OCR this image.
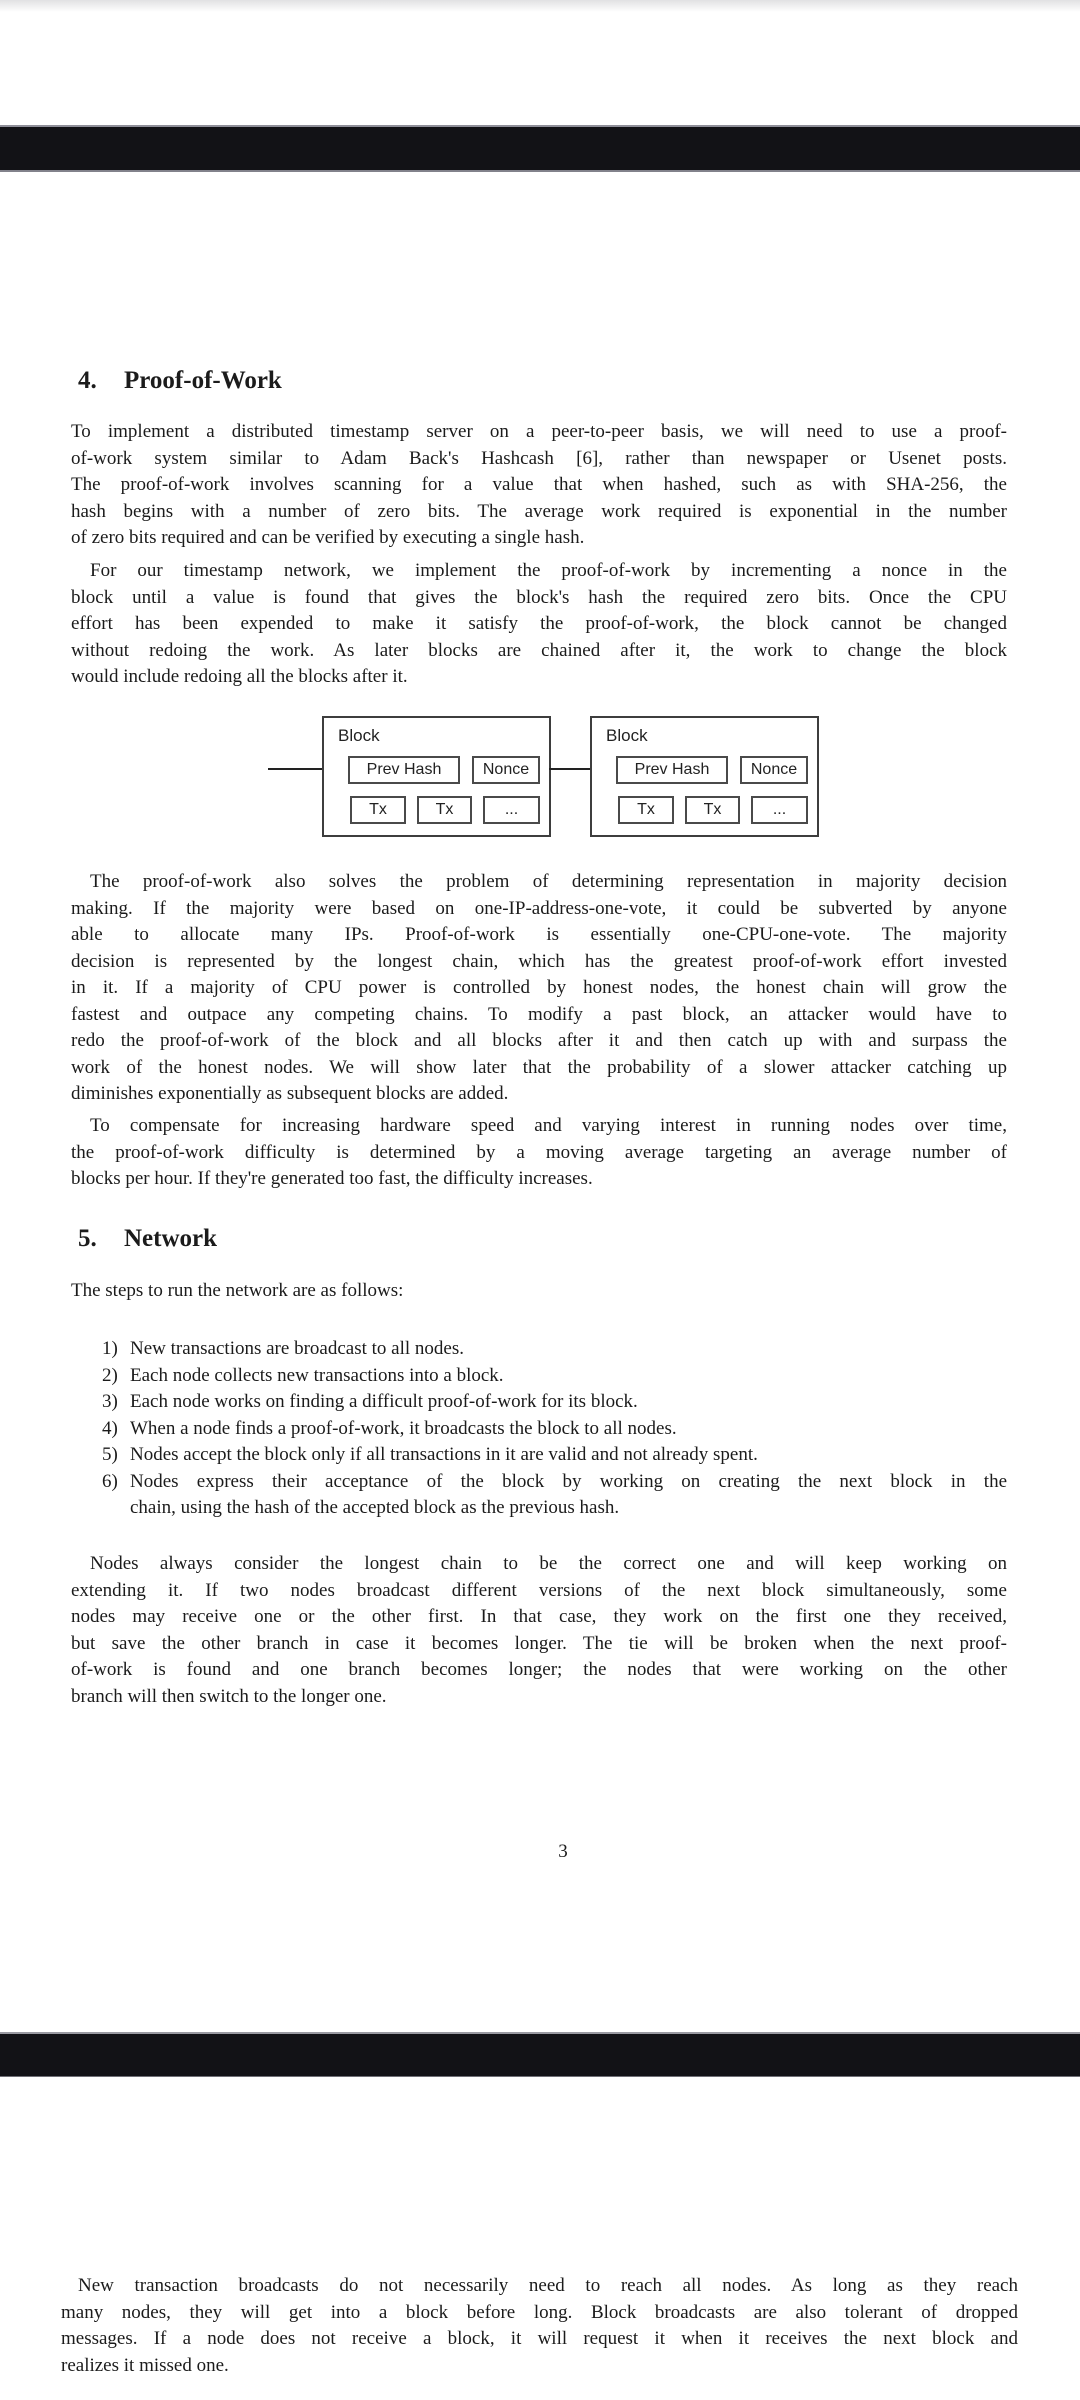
4. Proof-of-Work
To implement a distributed timestamp server on a peer-to-peer basis, we will need to use a proof-
of-work system similar to Adam Back's Hashcash [6], rather than newspaper or Usenet posts.
The proof-of-work involves scanning for a value that when hashed, such as with SHA-256, the
hash begins with a number of zero bits. The average work required is exponential in the number
of zero bits required and can be verified by executing a single hash.
For our timestamp network, we implement the proof-of-work by incrementing a nonce in the
block until a value is found that gives the block's hash the required zero bits. Once the CPU
effort has been expended to make it satisfy the proof-of-work, the block cannot be changed
without redoing the work. As later blocks are chained after it, the work to change the block
would include redoing all the blocks after it.
Block
Prev Hash	Nonce
Tx	Tx	...
Block
Prev Hash	Nonce
Tx	Tx	...
The proof-of-work also solves the problem of determining representation in majority decision
making. If the majority were based on one-IP-address-one-vote, it could be subverted by anyone
able to allocate many IPs. Proof-of-work is essentially one-CPU-one-vote. The majority
decision is represented by the longest chain, which has the greatest proof-of-work effort invested
in it. If a majority of CPU power is controlled by honest nodes, the honest chain will grow the
fastest and outpace any competing chains. To modify a past block, an attacker would have to
redo the proof-of-work of the block and all blocks after it and then catch up with and surpass the
work of the honest nodes. We will show later that the probability of a slower attacker catching up
diminishes exponentially as subsequent blocks are added.
To compensate for increasing hardware speed and varying interest in running nodes over time,
the proof-of-work difficulty is determined by a moving average targeting an average number of
blocks per hour. If they're generated too fast, the difficulty increases.
5. Network
The steps to run the network are as follows:
1) New transactions are broadcast to all nodes.
2) Each node collects new transactions into a block.
3) Each node works on finding a difficult proof-of-work for its block.
4) When a node finds a proof-of-work, it broadcasts the block to all nodes.
5) Nodes accept the block only if all transactions in it are valid and not already spent.
6) Nodes express their acceptance of the block by working on creating the next block in the
chain, using the hash of the accepted block as the previous hash.
Nodes always consider the longest chain to be the correct one and will keep working on
extending it. If two nodes broadcast different versions of the next block simultaneously, some
nodes may receive one or the other first. In that case, they work on the first one they received,
but save the other branch in case it becomes longer. The tie will be broken when the next proof-
of-work is found and one branch becomes longer; the nodes that were working on the other
branch will then switch to the longer one.
3
New transaction broadcasts do not necessarily need to reach all nodes. As long as they reach
many nodes, they will get into a block before long. Block broadcasts are also tolerant of dropped
messages. If a node does not receive a block, it will request it when it receives the next block and
realizes it missed one.
